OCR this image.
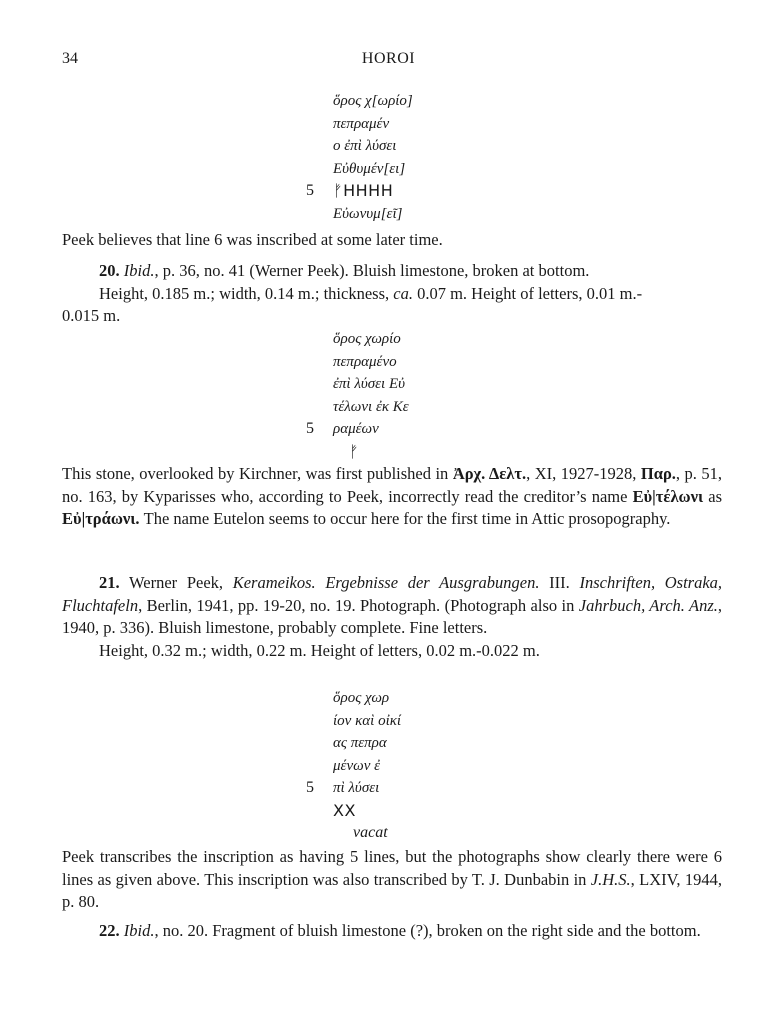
34	HOROI
ὅρος χ[ωρίο]
πεπραμέν
ο ἐπὶ λύσει
Εὐθυμέν[ει]
5 ᚠHHHH
Εὐωνυμ[εῖ]

Peek believes that line 6 was inscribed at some later time.

20. Ibid., p. 36, no. 41 (Werner Peek). Bluish limestone, broken at bottom.

Height, 0.185 m.; width, 0.14 m.; thickness, ca. 0.07 m. Height of letters, 0.01 m.-

0.015 m.

ὅρος χωρίο
πεπραμένο
ἐπὶ λύσει Εὐ
τέλωνι ἐκ Κε
5 ραμέων
ᚠ

This stone, overlooked by Kirchner, was first published in Ἀρχ. Δελτ., XI, 1927-1928, Παρ., p. 51, no. 163, by Kyparisses who, according to Peek, incorrectly read the creditor’s name Εὐ|τέλωνι as Εὐ|τράωνι. The name Eutelon seems to occur here for the first time in Attic prosopography.

21. Werner Peek, Kerameikos. Ergebnisse der Ausgrabungen. III. Inschriften, Ostraka, Fluchtafeln, Berlin, 1941, pp. 19-20, no. 19. Photograph. (Photograph also in Jahrbuch, Arch. Anz., 1940, p. 336). Bluish limestone, probably complete. Fine letters.

Height, 0.32 m.; width, 0.22 m. Height of letters, 0.02 m.-0.022 m.

ὅρος χωρ
ίον καὶ οἰκί
ας πεπρα
μένων ἐ
5 πὶ λύσει
XX
vacat

Peek transcribes the inscription as having 5 lines, but the photographs show clearly there were 6 lines as given above. This inscription was also transcribed by T. J. Dunbabin in J.H.S., LXIV, 1944, p. 80.

22. Ibid., no. 20. Fragment of bluish limestone (?), broken on the right side and the bottom.
